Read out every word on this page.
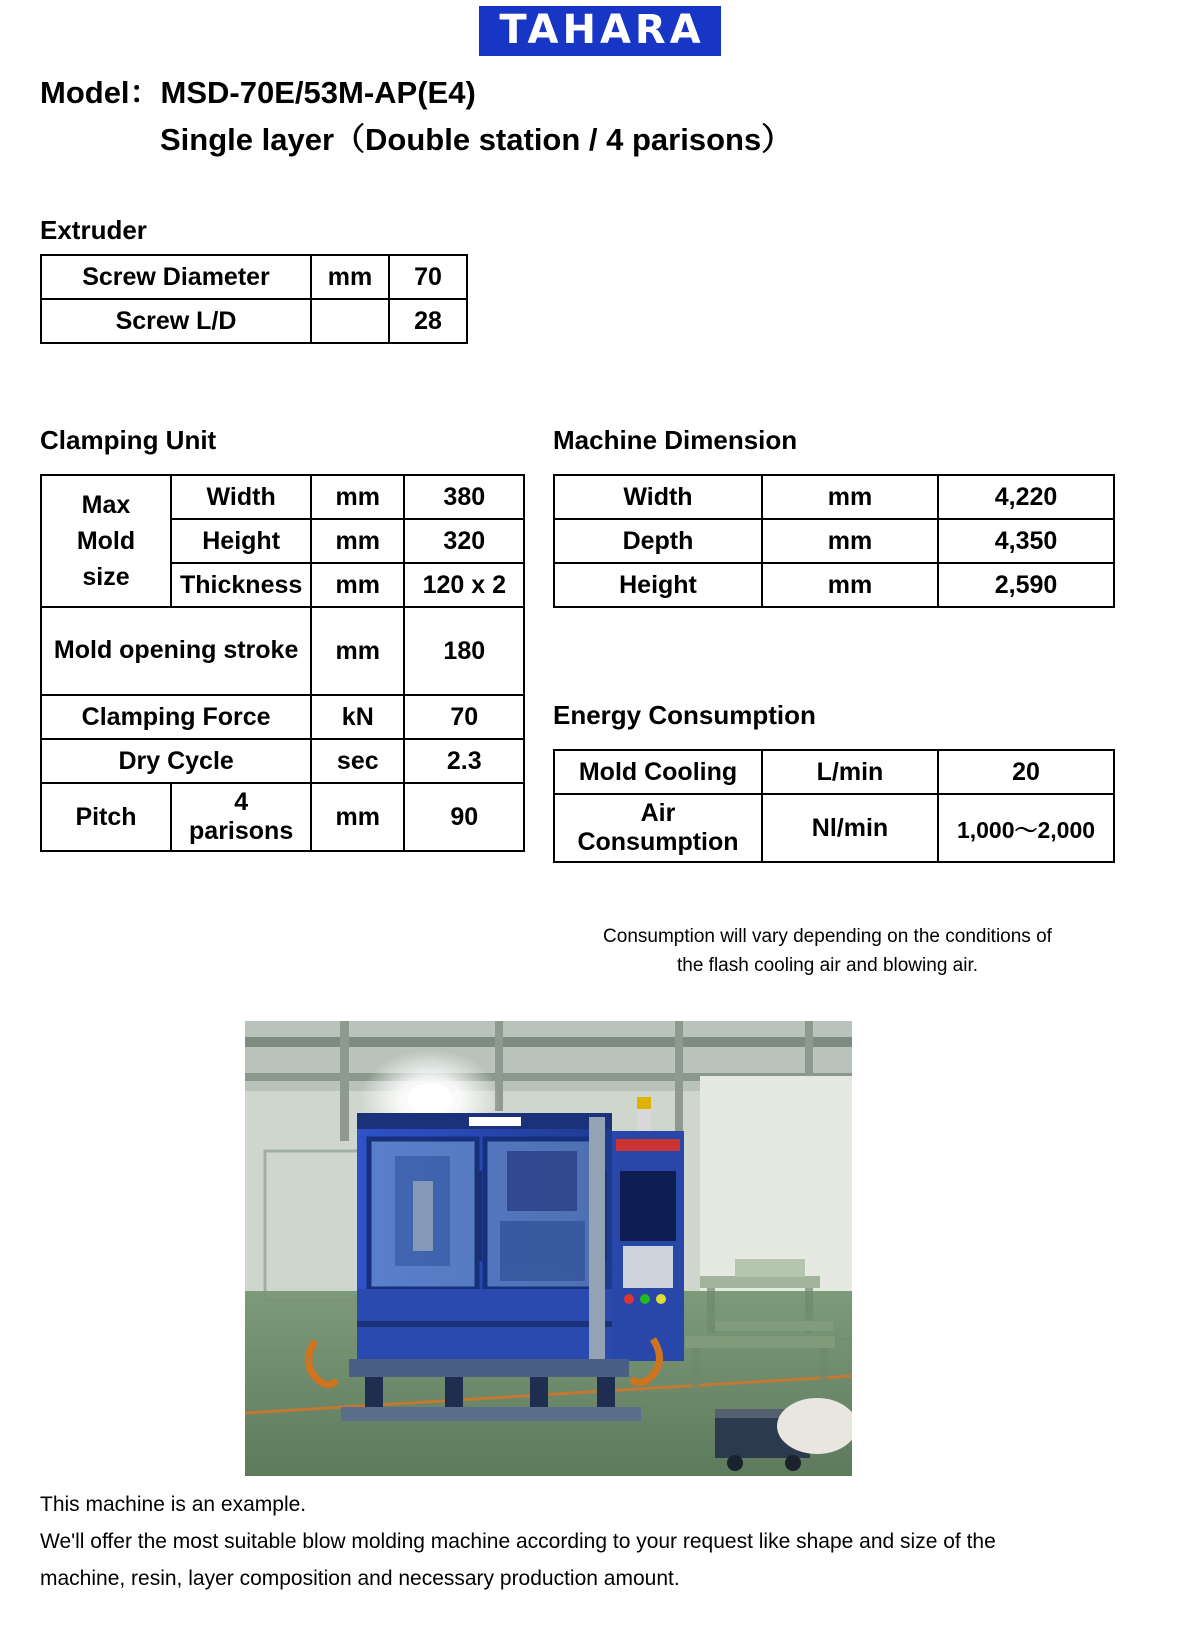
TAHARA
Model：MSD-70E/53M-AP(E4)
Single layer（Double station / 4 parisons）
Extruder
Screw Diameter	mm	70
Screw L/D		28
Clamping Unit
Max
Mold
size	Width	mm	380
	Height	mm	320
	Thickness	mm	120 x 2
Mold opening stroke		mm	180
Clamping Force		kN	70
Dry Cycle		sec	2.3
Pitch	4 parisons	mm	90
Machine Dimension
Width	mm	4,220
Depth	mm	4,350
Height	mm	2,590
Energy Consumption
Mold Cooling	L/min	20
Air Consumption	Nl/min	1,000～2,000
Consumption will vary depending on the conditions of
the flash cooling air and blowing air.
This machine is an example.
We'll offer the most suitable blow molding machine according to your request like shape and size of the
machine, resin, layer composition and necessary production amount.
